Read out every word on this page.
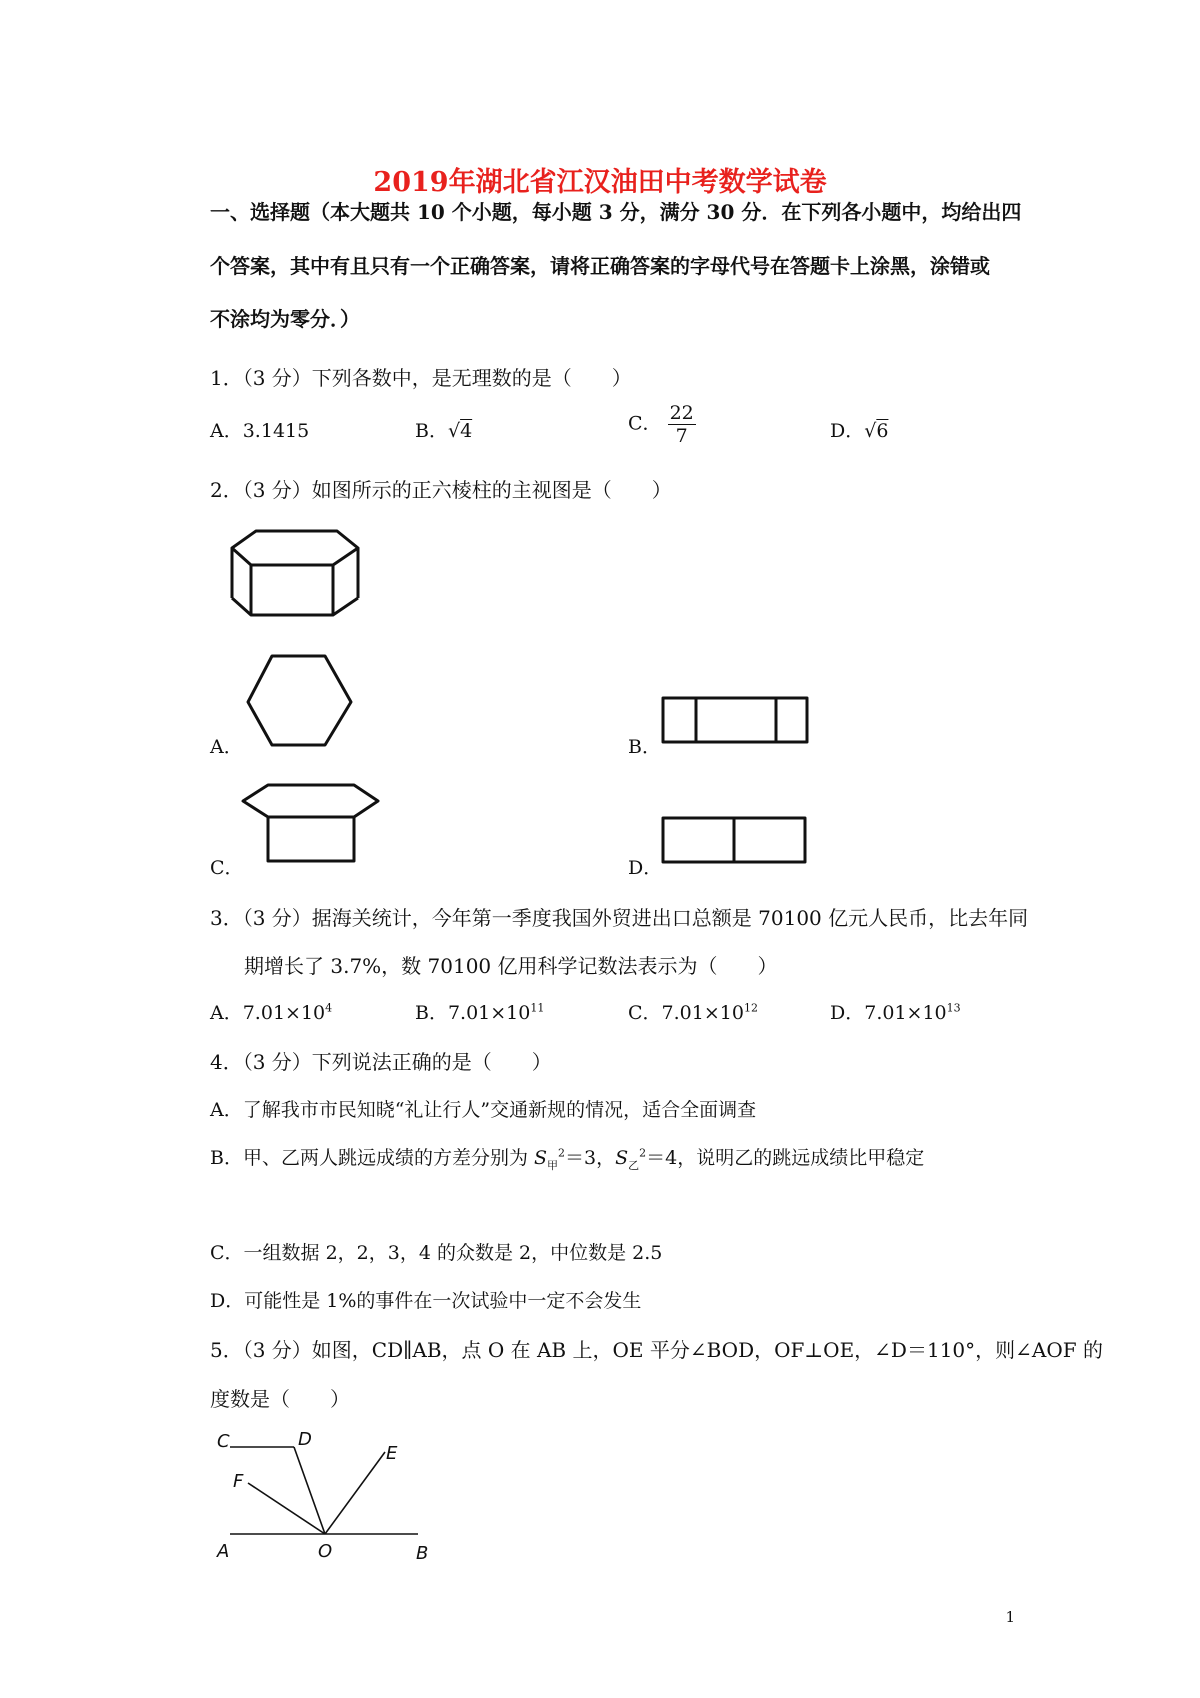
2019年湖北省江汉油田中考数学试卷
一、选择题（本大题共 10 个小题，每小题 3 分，满分 30 分．在下列各小题中，均给出四
个答案，其中有且只有一个正确答案，请将正确答案的字母代号在答题卡上涂黑，涂错或
不涂均为零分．）
1．（3 分）下列各数中，是无理数的是（　　）
A．3.1415	B．√4	C． $\frac{22}{7}$	D．√6
2．（3 分）如图所示的正六棱柱的主视图是（　　）
A．	B．
C．	D．
3．（3 分）据海关统计，今年第一季度我国外贸进出口总额是 70100 亿元人民币，比去年同
期增长了 3.7%，数 70100 亿用科学记数法表示为（　　）
A．$7.01\times 10^4$	B．$7.01\times 10^{11}$	C．$7.01\times 10^{12}$	D．$7.01\times 10^{13}$
4．（3 分）下列说法正确的是（　　）
A．了解我市市民知晓“礼让行人”交通新规的情况，适合全面调查
B．甲、乙两人跳远成绩的方差分别为 $S_甲^2=3$，$S_乙^2=4$，说明乙的跳远成绩比甲稳定
C．一组数据 2，2，3，4 的众数是 2，中位数是 2.5
D．可能性是 1%的事件在一次试验中一定不会发生
5．（3 分）如图，CD∥AB，点 O 在 AB 上，OE 平分∠BOD，OF⊥OE，∠D＝110°，则∠AOF 的
度数是（　　）
C	D
E
F
A	O	B
1
